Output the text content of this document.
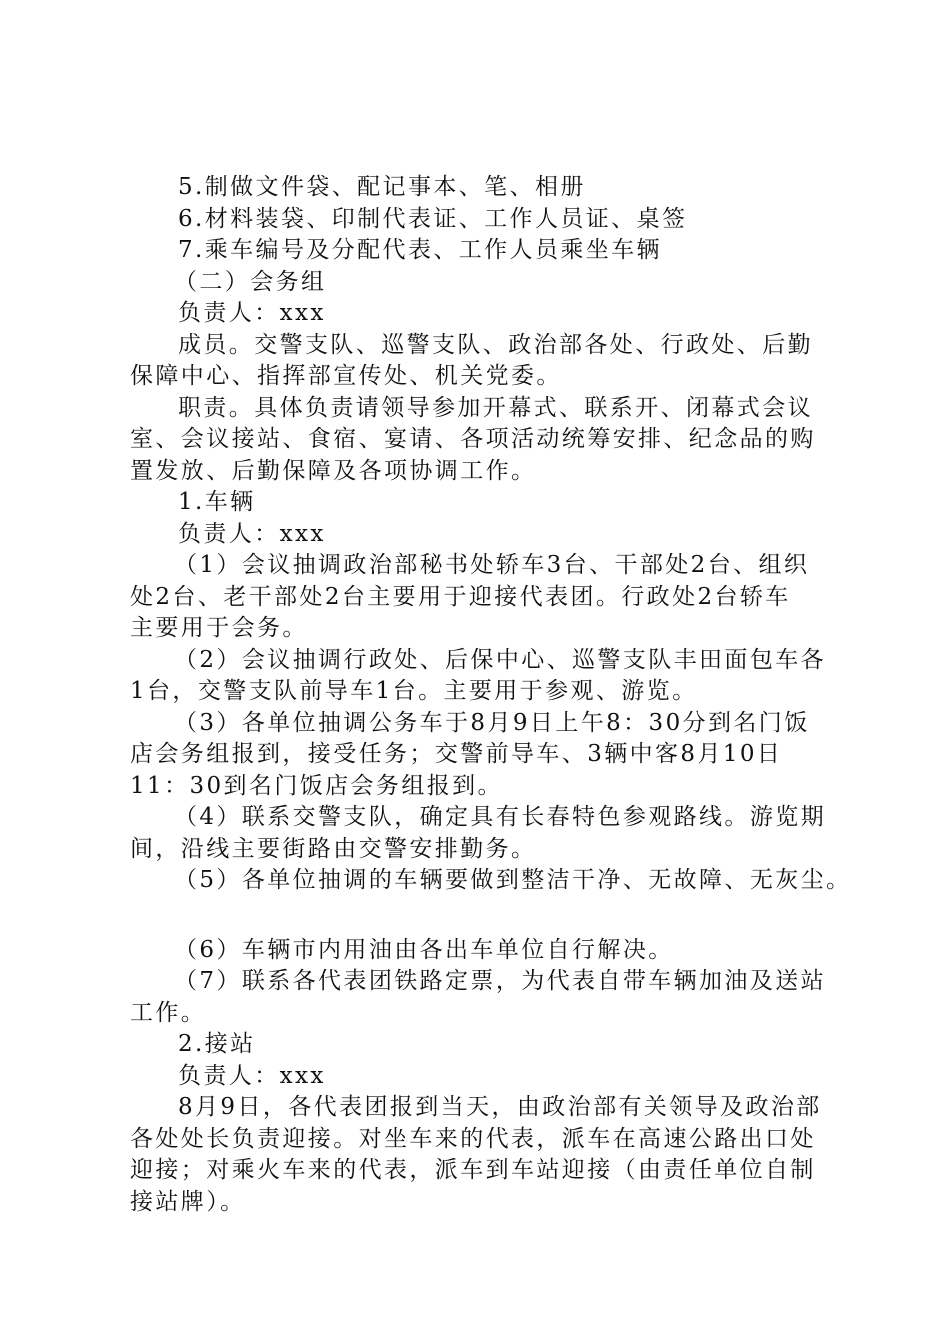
5.制做文件袋、配记事本、笔、相册

6.材料装袋、印制代表证、工作人员证、桌签

7.乘车编号及分配代表、工作人员乘坐车辆

（二）会务组

负责人：xxx

成员。交警支队、巡警支队、政治部各处、行政处、后勤

保障中心、指挥部宣传处、机关党委。

职责。具体负责请领导参加开幕式、联系开、闭幕式会议

室、会议接站、食宿、宴请、各项活动统筹安排、纪念品的购

置发放、后勤保障及各项协调工作。

1.车辆

负责人：xxx

（1）会议抽调政治部秘书处轿车3台、干部处2台、组织

处2台、老干部处2台主要用于迎接代表团。行政处2台轿车

主要用于会务。

（2）会议抽调行政处、后保中心、巡警支队丰田面包车各

1台，交警支队前导车1台。主要用于参观、游览。

（3）各单位抽调公务车于8月9日上午8：30分到名门饭

店会务组报到，接受任务；交警前导车、3辆中客8月10日

11：30到名门饭店会务组报到。

（4）联系交警支队，确定具有长春特色参观路线。游览期

间，沿线主要街路由交警安排勤务。

（5）各单位抽调的车辆要做到整洁干净、无故障、无灰尘。

（6）车辆市内用油由各出车单位自行解决。

（7）联系各代表团铁路定票，为代表自带车辆加油及送站

工作。

2.接站

负责人：xxx

8月9日，各代表团报到当天，由政治部有关领导及政治部

各处处长负责迎接。对坐车来的代表，派车在高速公路出口处

迎接；对乘火车来的代表，派车到车站迎接（由责任单位自制

接站牌）。
